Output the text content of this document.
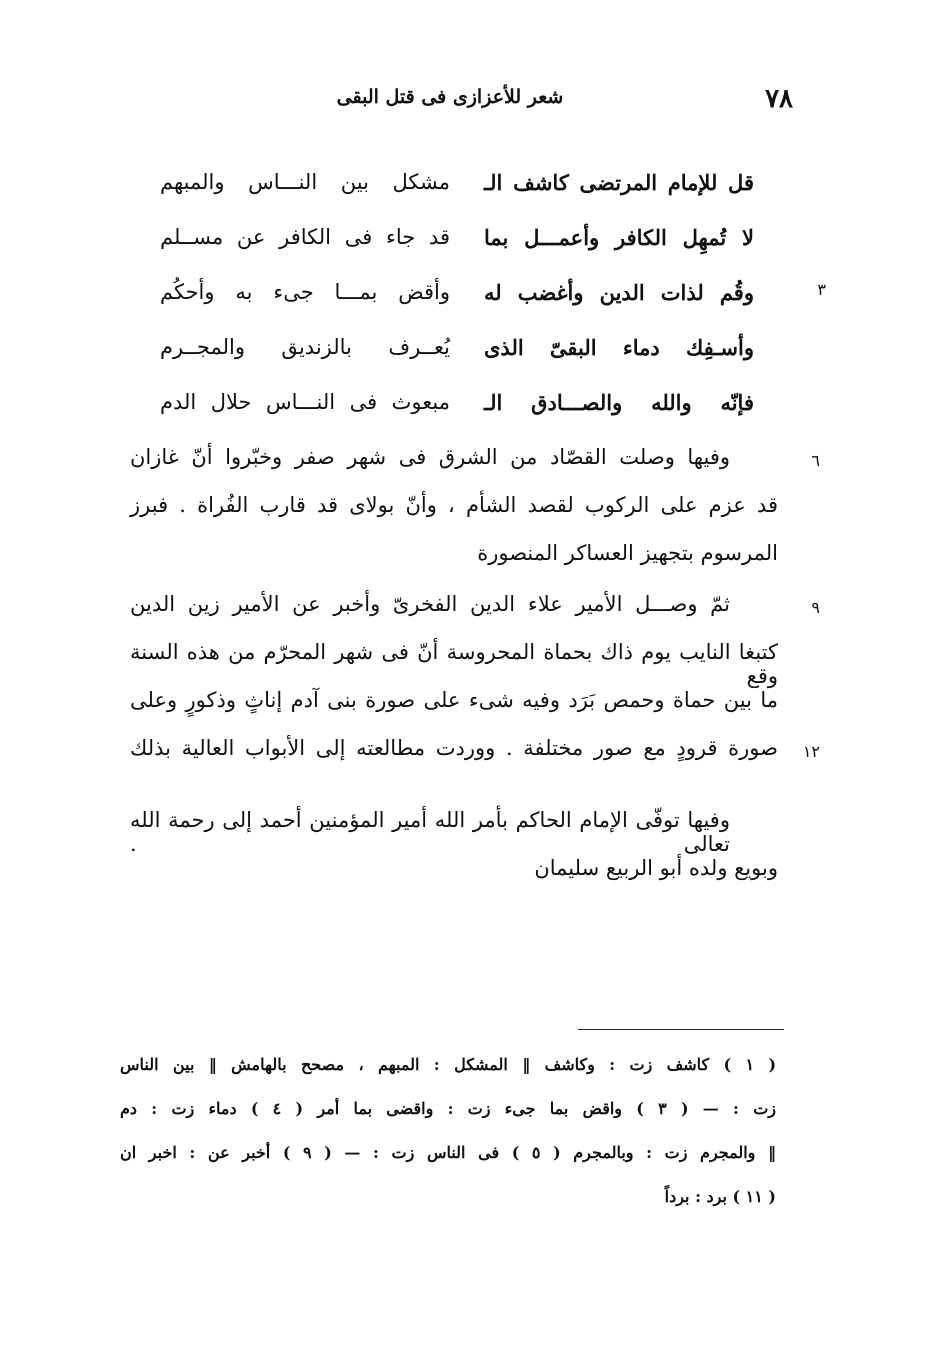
شعر للأعزازى فى قتل البقى	٧٨
قل للإمام المرتضى كاشف الـ
مشكل بين النـــاس والمبهم
لا تُمهِل الكافر وأعمـــل بما
قد جاء فى الكافر عن مســلم
٣
وقُم لذات الدين وأغضب له
وأقض بمـــا جىء به وأحكُم
وأسـفِك دماء البقىّ الذى
يُعــرف بالزنديق والمجــرم
فإنّه والله والصـــادق الـ
مبعوث فى النـــاس حلال الدم
٦
وفيها وصلت القصّاد من الشرق فى شهر صفر وخبّروا أنّ غازان
قد عزم على الركوب لقصد الشأم ، وأنّ بولاى قد قارب الفُراة . فبرز
المرسوم بتجهيز العساكر المنصورة
٩
ثمّ وصـــل الأمير علاء الدين الفخرىّ وأخبر عن الأمير زين الدين
كتبغا النايب يوم ذاك بحماة المحروسة أنّ فى شهر المحرّم من هذه السنة وقع
ما بين حماة وحمص بَرَد وفيه شىء على صورة بنى آدم إناثٍ وذكورٍ وعلى
١٢
صورة قرودٍ مع صور مختلفة . ووردت مطالعته إلى الأبواب العالية بذلك
وفيها توفّى الإمام الحاكم بأمر الله أمير المؤمنين أحمد إلى رحمة الله تعالى .
وبويع ولده أبو الربيع سليمان
( ١ ) كاشف زت : وكاشف ‖ المشكل : المبهم ، مصحح بالهامش ‖ بين الناس
زت : — ( ٣ ) واقض بما جىء زت : واقضى بما أمر ( ٤ ) دماء زت : دم
‖ والمجرم زت : وبالمجرم ( ٥ ) فى الناس زت : — ( ٩ ) أخبر عن : اخبر ان
( ١١ ) برد : برداً
